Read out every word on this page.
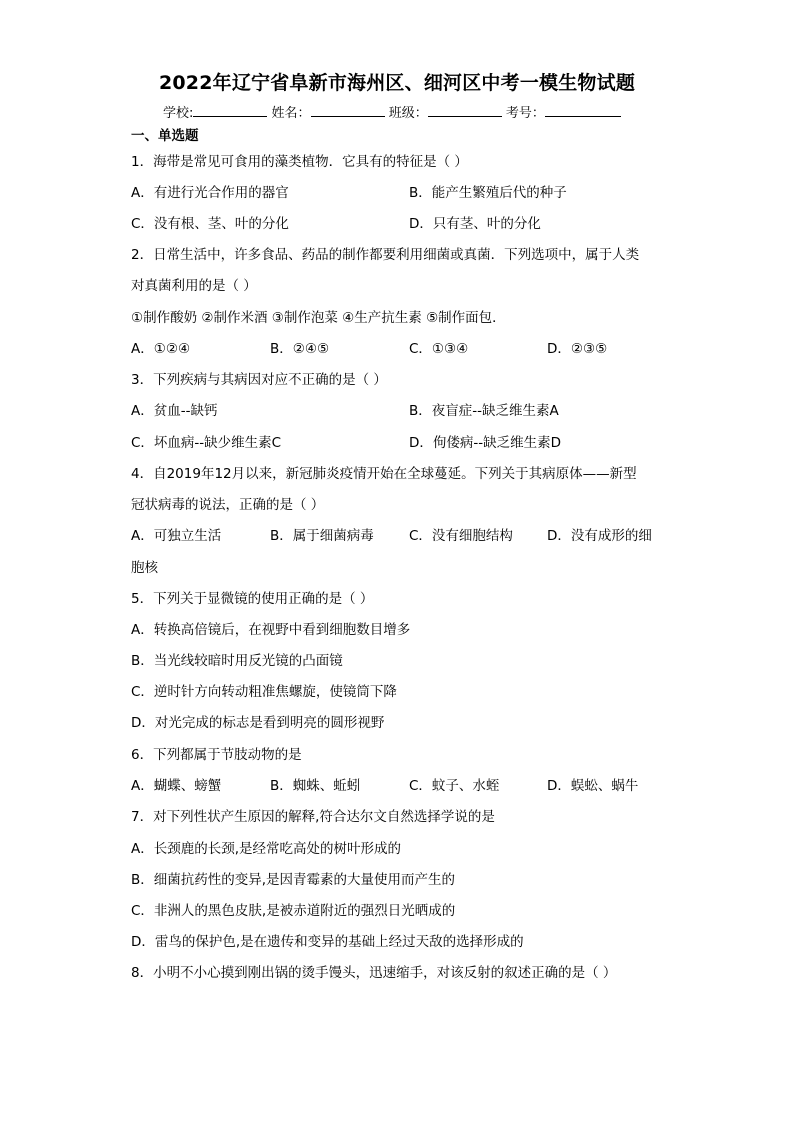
2022年辽宁省阜新市海州区、细河区中考一模生物试题
学校:	姓名：	班级：	考号：
一、单选题
1．海带是常见可食用的藻类植物．它具有的特征是（ ）
A．有进行光合作用的器官	B．能产生繁殖后代的种子
C．没有根、茎、叶的分化	D．只有茎、叶的分化
2．日常生活中，许多食品、药品的制作都要利用细菌或真菌．下列选项中，属于人类
对真菌利用的是（ ）
①制作酸奶 ②制作米酒 ③制作泡菜 ④生产抗生素 ⑤制作面包．
A．①②④	B．②④⑤	C．①③④	D．②③⑤
3．下列疾病与其病因对应不正确的是（ ）
A．贫血--缺钙	B．夜盲症--缺乏维生素A
C．坏血病--缺少维生素C	D．佝偻病--缺乏维生素D
4．自2019年12月以来，新冠肺炎疫情开始在全球蔓延。下列关于其病原体——新型
冠状病毒的说法，正确的是（ ）
A．可独立生活	B．属于细菌病毒	C．没有细胞结构	D．没有成形的细
胞核
5．下列关于显微镜的使用正确的是（ ）
A．转换高倍镜后，在视野中看到细胞数目增多
B．当光线较暗时用反光镜的凸面镜
C．逆时针方向转动粗准焦螺旋，使镜筒下降
D．对光完成的标志是看到明亮的圆形视野
6．下列都属于节肢动物的是
A．蝴蝶、螃蟹	B．蜘蛛、蚯蚓	C．蚊子、水蛭	D．蜈蚣、蜗牛
7．对下列性状产生原因的解释,符合达尔文自然选择学说的是
A．长颈鹿的长颈,是经常吃高处的树叶形成的
B．细菌抗药性的变异,是因青霉素的大量使用而产生的
C．非洲人的黑色皮肤,是被赤道附近的强烈日光晒成的
D．雷鸟的保护色,是在遗传和变异的基础上经过天敌的选择形成的
8．小明不小心摸到刚出锅的烫手馒头，迅速缩手，对该反射的叙述正确的是（ ）
